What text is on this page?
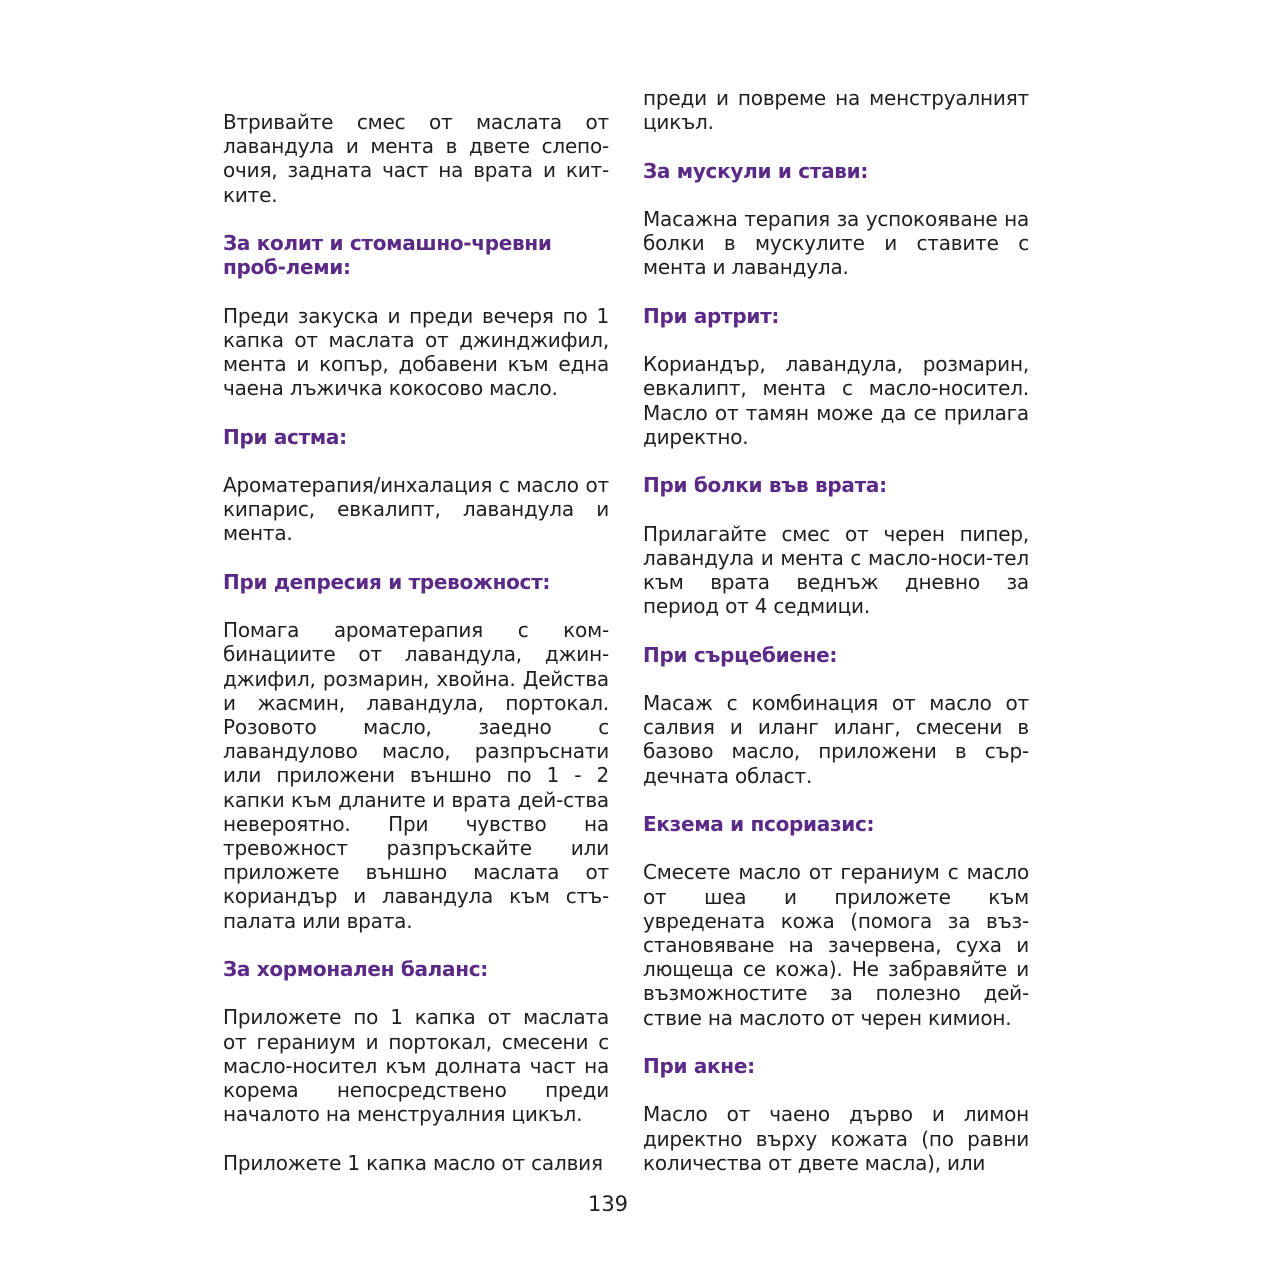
Втривайте смес от маслата от лавандула и мента в двете слепо-очия, задната част на врата и кит-ките.

За колит и стомашно-чревни проб-леми:

Преди закуска и преди вечеря по 1 капка от маслата от джинджифил, мента и копър, добавени към една чаена лъжичка кокосово масло.

При астма:

Ароматерапия/инхалация с масло от кипарис, евкалипт, лавандула и мента.

При депресия и тревожност:

Помага ароматерапия с ком-бинациите от лавандула, джин-джифил, розмарин, хвойна. Действа и жасмин, лавандула, портокал. Розовото масло, заедно с лавандулово масло, разпръснати или приложени външно по 1 - 2 капки към дланите и врата дей-ства невероятно. При чувство на тревожност разпръскайте или приложете външно маслата от кориандър и лавандула към стъ-палата или врата.

За хормонален баланс:

Приложете по 1 капка от маслата от гераниум и портокал, смесени с масло-носител към долната част на корема непосредствено преди началото на менструалния цикъл.

Приложете 1 капка масло от салвия

преди и повреме на менструалният цикъл.

За мускули и стави:

Масажна терапия за успокояване на болки в мускулите и ставите с мента и лавандула.

При артрит:

Кориандър, лавандула, розмарин, евкалипт, мента с масло-носител. Масло от тамян може да се прилага директно.

При болки във врата:

Прилагайте смес от черен пипер, лавандула и мента с масло-носи-тел към врата веднъж дневно за период от 4 седмици.

При сърцебиене:

Масаж с комбинация от масло от салвия и иланг иланг, смесени в базово масло, приложени в сър-дечната област.

Екзема и псориазис:

Смесете масло от гераниум с масло от шеа и приложете към увредената кожа (помога за въз-становяване на зачервена, суха и лющеща се кожа). Не забравяйте и възможностите за полезно дей-ствие на маслото от черен кимион.

При акне:

Масло от чаено дърво и лимон директно върху кожата (по равни количества от двете масла), или

139
